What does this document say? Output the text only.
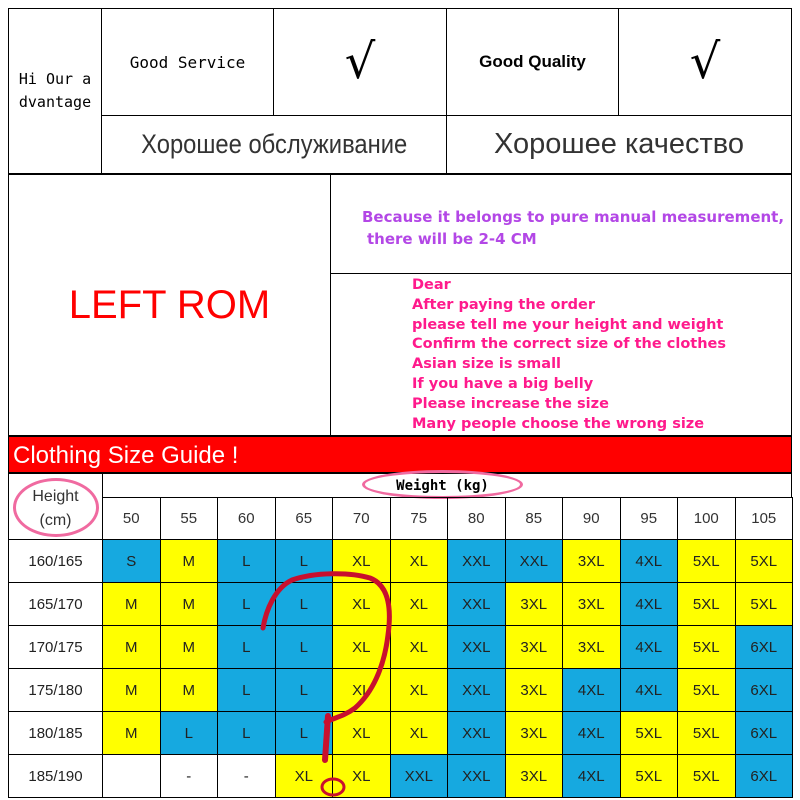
Hi Our advantage
Good Service √	Good Quality √
Хорошее обслуживание	Хорошее качество
LEFT ROM
Because it belongs to pure manual measurement,
there will be 2-4 CM
Dear
After paying the order
please tell me your height and weight
Confirm the correct size of the clothes
Asian size is small
If you have a big belly
Please increase the size
Many people choose the wrong size
Clothing Size Guide !
Height
(cm)
Weight (kg)
50	55	60	65	70	75	80	85	90	95	100	105
160/165	S	M	L	L	XL	XL	XXL	XXL	3XL	4XL	5XL	5XL
165/170	M	M	L	L	XL	XL	XXL	3XL	3XL	4XL	5XL	5XL
170/175	M	M	L	L	XL	XL	XXL	3XL	3XL	4XL	5XL	6XL
175/180	M	M	L	L	XL	XL	XXL	3XL	4XL	4XL	5XL	6XL
180/185	M	L	L	L	XL	XL	XXL	3XL	4XL	5XL	5XL	6XL
185/190		-	-	XL	XL	XXL	XXL	3XL	4XL	5XL	5XL	6XL
